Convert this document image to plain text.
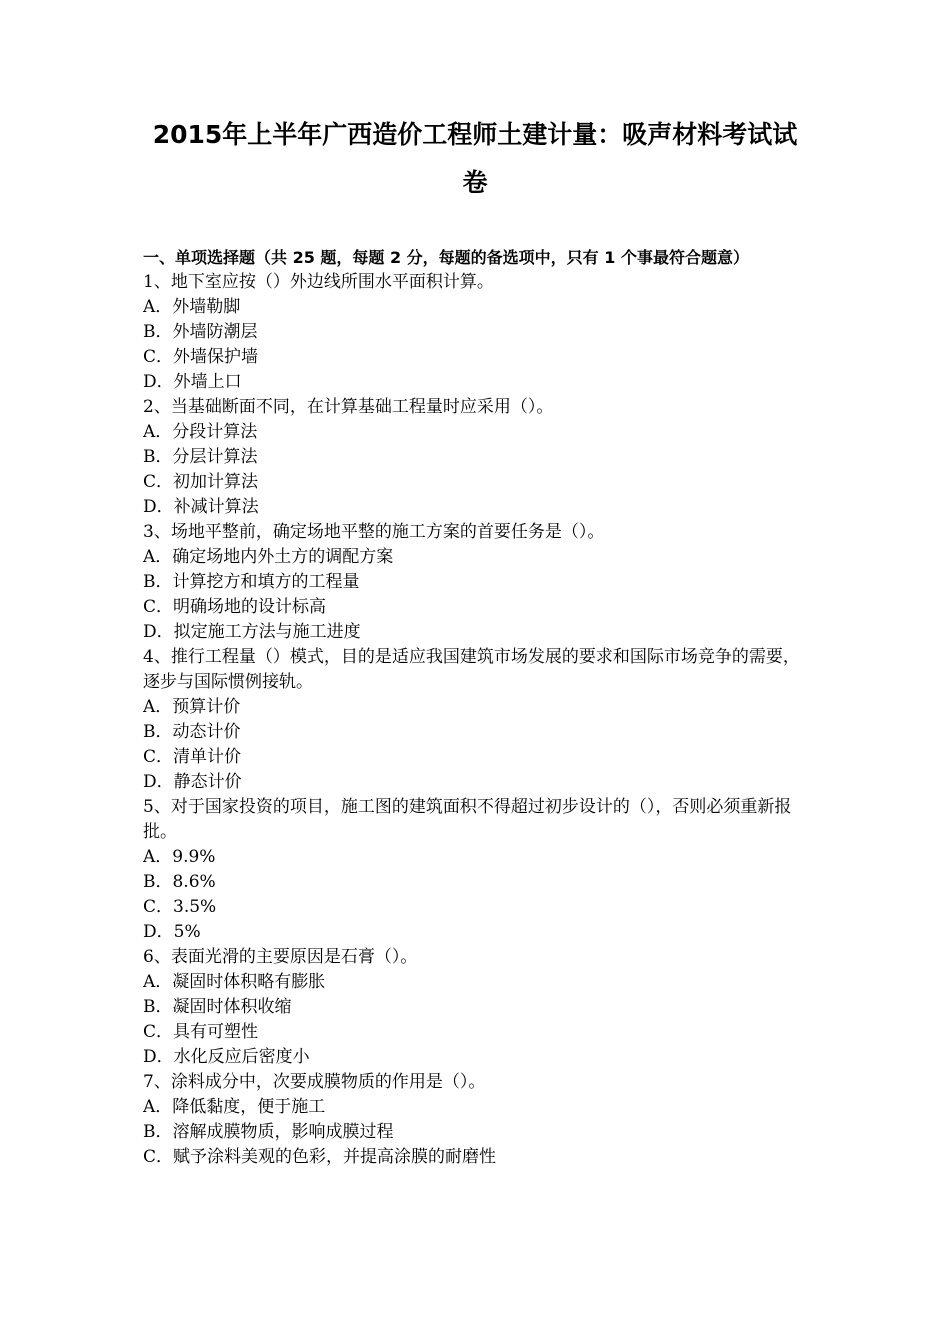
2015年上半年广西造价工程师土建计量：吸声材料考试试
卷
一、单项选择题（共 25 题，每题 2 分，每题的备选项中，只有 1 个事最符合题意）
1、地下室应按（）外边线所围水平面积计算。
A．外墙勒脚
B．外墙防潮层
C．外墙保护墙
D．外墙上口
2、当基础断面不同，在计算基础工程量时应采用（）。
A．分段计算法
B．分层计算法
C．初加计算法
D．补减计算法
3、场地平整前，确定场地平整的施工方案的首要任务是（）。
A．确定场地内外土方的调配方案
B．计算挖方和填方的工程量
C．明确场地的设计标高
D．拟定施工方法与施工进度
4、推行工程量（）模式，目的是适应我国建筑市场发展的要求和国际市场竞争的需要，逐步与国际惯例接轨。
A．预算计价
B．动态计价
C．清单计价
D．静态计价
5、对于国家投资的项目，施工图的建筑面积不得超过初步设计的（），否则必须重新报批。
A．9.9%
B．8.6%
C．3.5%
D．5%
6、表面光滑的主要原因是石膏（）。
A．凝固时体积略有膨胀
B．凝固时体积收缩
C．具有可塑性
D．水化反应后密度小
7、涂料成分中，次要成膜物质的作用是（）。
A．降低黏度，便于施工
B．溶解成膜物质，影响成膜过程
C．赋予涂料美观的色彩，并提高涂膜的耐磨性
